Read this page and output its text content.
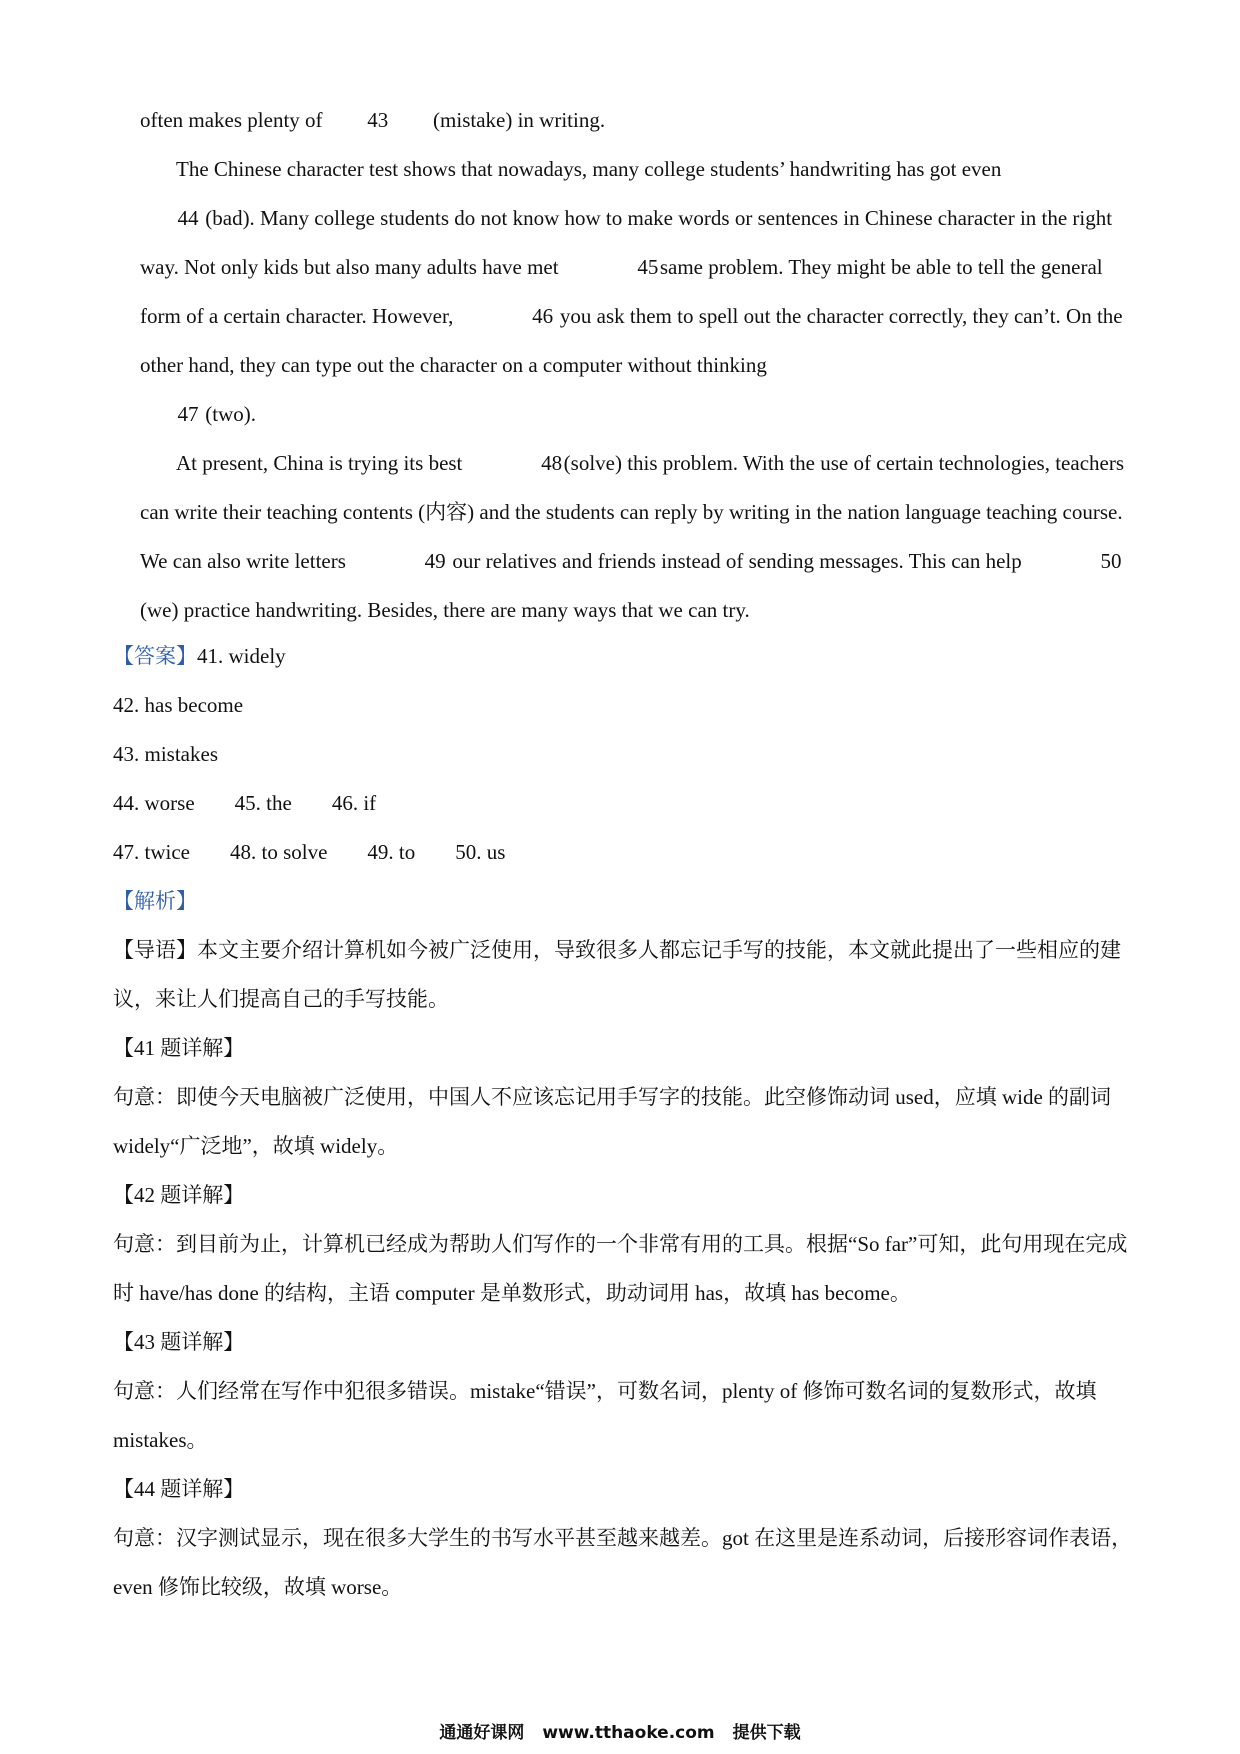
often makes plenty of 43 (mistake) in writing.

The Chinese character test shows that nowadays, many college students’ handwriting has got even
44 (bad). Many college students do not know how to make words or sentences in Chinese character in the right way. Not only kids but also many adults have met	45same problem. They might be able to tell the general form of a certain character. However,	46 you ask them to spell out the character correctly, they can’t. On the other hand, they can type out the character on a computer without thinking
47 (two).

At present, China is trying its best	48(solve) this problem. With the use of certain technologies, teachers can write their teaching contents (内容) and the students can reply by writing in the nation language teaching course. We can also write letters	49 our relatives and friends instead of sending messages. This can help	50 (we) practice handwriting. Besides, there are many ways that we can try.

【答案】41. widely

42. has become

43. mistakes

44. worse 45. the 46. if

47. twice 48. to solve 49. to 50. us

【解析】

【导语】本文主要介绍计算机如今被广泛使用，导致很多人都忘记手写的技能，本文就此提出了一些相应的建议，来让人们提高自己的手写技能。

【41 题详解】

句意：即使今天电脑被广泛使用，中国人不应该忘记用手写字的技能。此空修饰动词 used，应填 wide 的副词 widely“广泛地”，故填 widely。

【42 题详解】

句意：到目前为止，计算机已经成为帮助人们写作的一个非常有用的工具。根据“So far”可知，此句用现在完成时 have/has done 的结构，主语 computer 是单数形式，助动词用 has，故填 has become。

【43 题详解】

句意：人们经常在写作中犯很多错误。mistake“错误”，可数名词，plenty of 修饰可数名词的复数形式，故填 mistakes。

【44 题详解】

句意：汉字测试显示，现在很多大学生的书写水平甚至越来越差。got 在这里是连系动词，后接形容词作表语，even 修饰比较级，故填 worse。

通通好课网 www.tthaoke.com 提供下载
